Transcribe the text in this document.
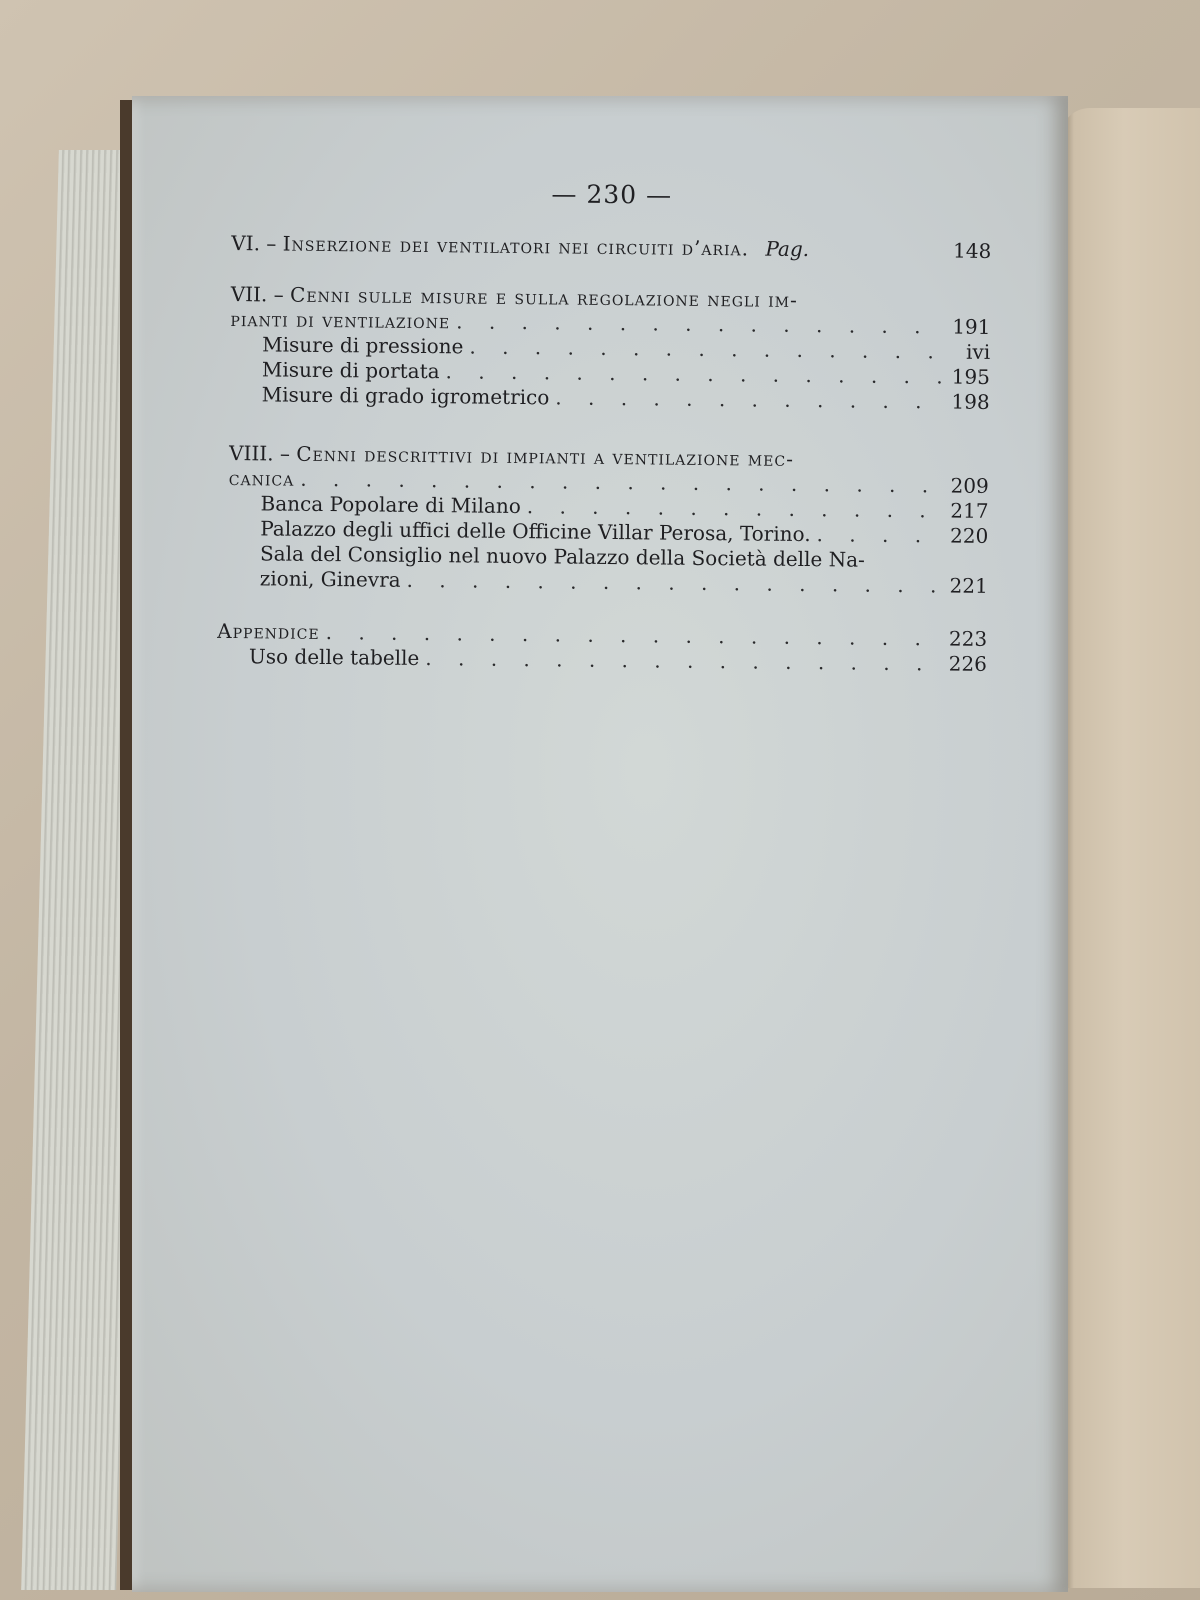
— 230 —
VI. – Inserzione dei ventilatori nei circuiti d’aria. Pag.	148
VII. – Cenni sulle misure e sulla regolazione negli im-
pianti di ventilazione . . .	191
Misure di pressione . . .	ivi
Misure di portata . . .	195
Misure di grado igrometrico . . .	198
VIII. – Cenni descrittivi di impianti a ventilazione mec-
canica . . .	209
Banca Popolare di Milano . . .	217
Palazzo degli uffici delle Officine Villar Perosa, Torino. . . .	220
Sala del Consiglio nel nuovo Palazzo della Società delle Na-
zioni, Ginevra . . .	221
Appendice . . .	223
Uso delle tabelle . . .	226
